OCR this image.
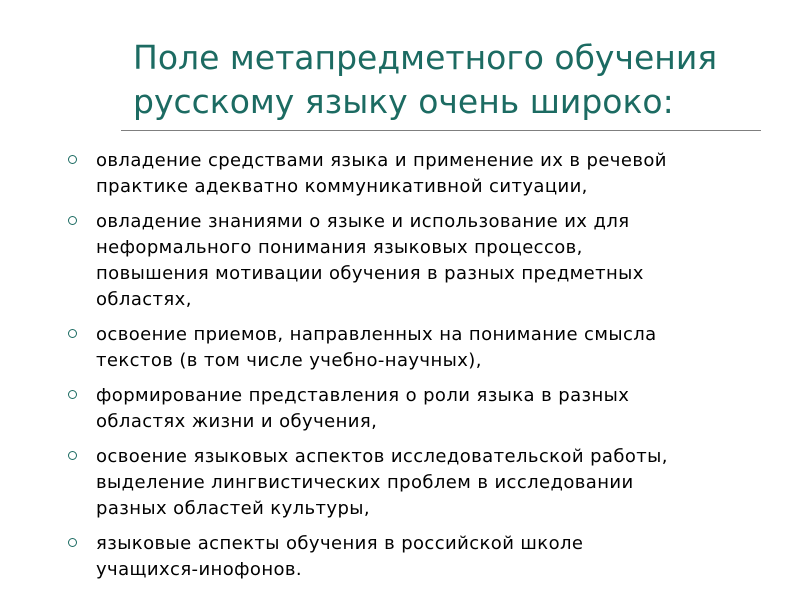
Поле метапредметного обучения
русскому языку очень широко:
овладение средствами языка и применение их в речевой
практике адекватно коммуникативной ситуации,
овладение знаниями о языке и использование их для
неформального понимания языковых процессов,
повышения мотивации обучения в разных предметных
областях,
освоение приемов, направленных на понимание смысла
текстов (в том числе учебно-научных),
формирование представления о роли языка в разных
областях жизни и обучения,
освоение языковых аспектов исследовательской работы,
выделение лингвистических проблем в исследовании
разных областей культуры,
языковые аспекты обучения в российской школе
учащихся-инофонов.
